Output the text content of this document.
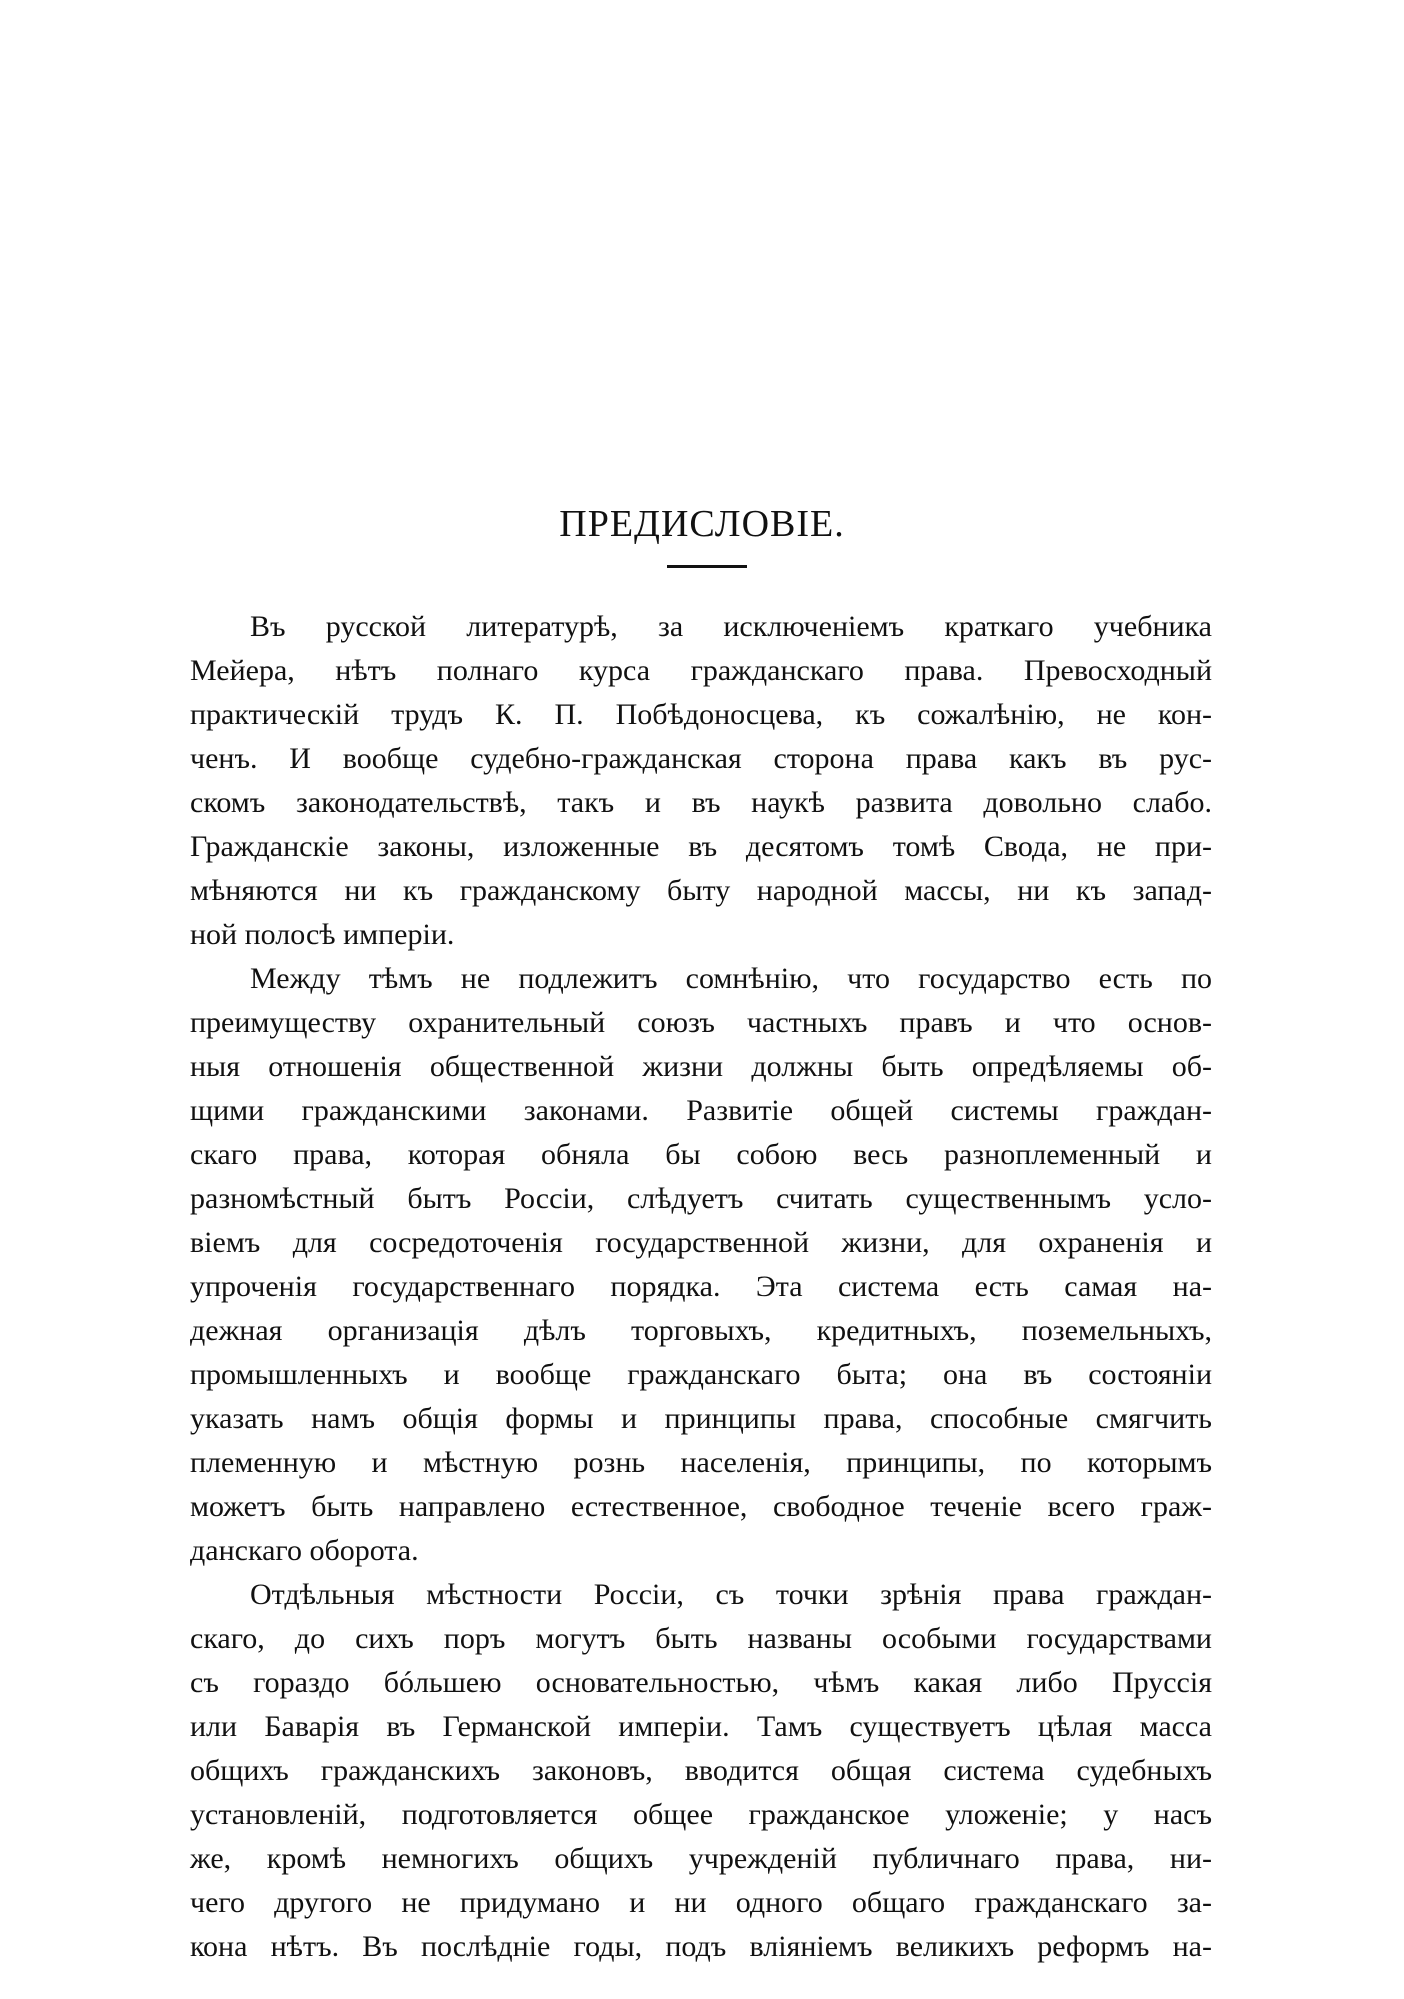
ПРЕДИСЛОВІЕ.
Въ русской литературѣ, за исключеніемъ краткаго учебника
Мейера, нѣтъ полнаго курса гражданскаго права. Превосходный
практическій трудъ К. П. Побѣдоносцева, къ сожалѣнію, не кон-
ченъ. И вообще судебно-гражданская сторона права какъ въ рус-
скомъ законодательствѣ, такъ и въ наукѣ развита довольно слабо.
Гражданскіе законы, изложенные въ десятомъ томѣ Свода, не при-
мѣняются ни къ гражданскому быту народной массы, ни къ запад-
ной полосѣ имперіи.
Между тѣмъ не подлежитъ сомнѣнію, что государство есть по
преимуществу охранительный союзъ частныхъ правъ и что основ-
ныя отношенія общественной жизни должны быть опредѣляемы об-
щими гражданскими законами. Развитіе общей системы граждан-
скаго права, которая обняла бы собою весь разноплеменный и
разномѣстный бытъ Россіи, слѣдуетъ считать существеннымъ усло-
віемъ для сосредоточенія государственной жизни, для охраненія и
упроченія государственнаго порядка. Эта система есть самая на-
дежная организація дѣлъ торговыхъ, кредитныхъ, поземельныхъ,
промышленныхъ и вообще гражданскаго быта; она въ состояніи
указать намъ общія формы и принципы права, способные смягчить
племенную и мѣстную рознь населенія, принципы, по которымъ
можетъ быть направлено естественное, свободное теченіе всего граж-
данскаго оборота.
Отдѣльныя мѣстности Россіи, съ точки зрѣнія права граждан-
скаго, до сихъ поръ могутъ быть названы особыми государствами
съ гораздо бóльшею основательностью, чѣмъ какая либо Пруссія
или Баварія въ Германской имперіи. Тамъ существуетъ цѣлая масса
общихъ гражданскихъ законовъ, вводится общая система судебныхъ
установленій, подготовляется общее гражданское уложеніе; у насъ
же, кромѣ немногихъ общихъ учрежденій публичнаго права, ни-
чего другого не придумано и ни одного общаго гражданскаго за-
кона нѣтъ. Въ послѣдніе годы, подъ вліяніемъ великихъ реформъ на-
